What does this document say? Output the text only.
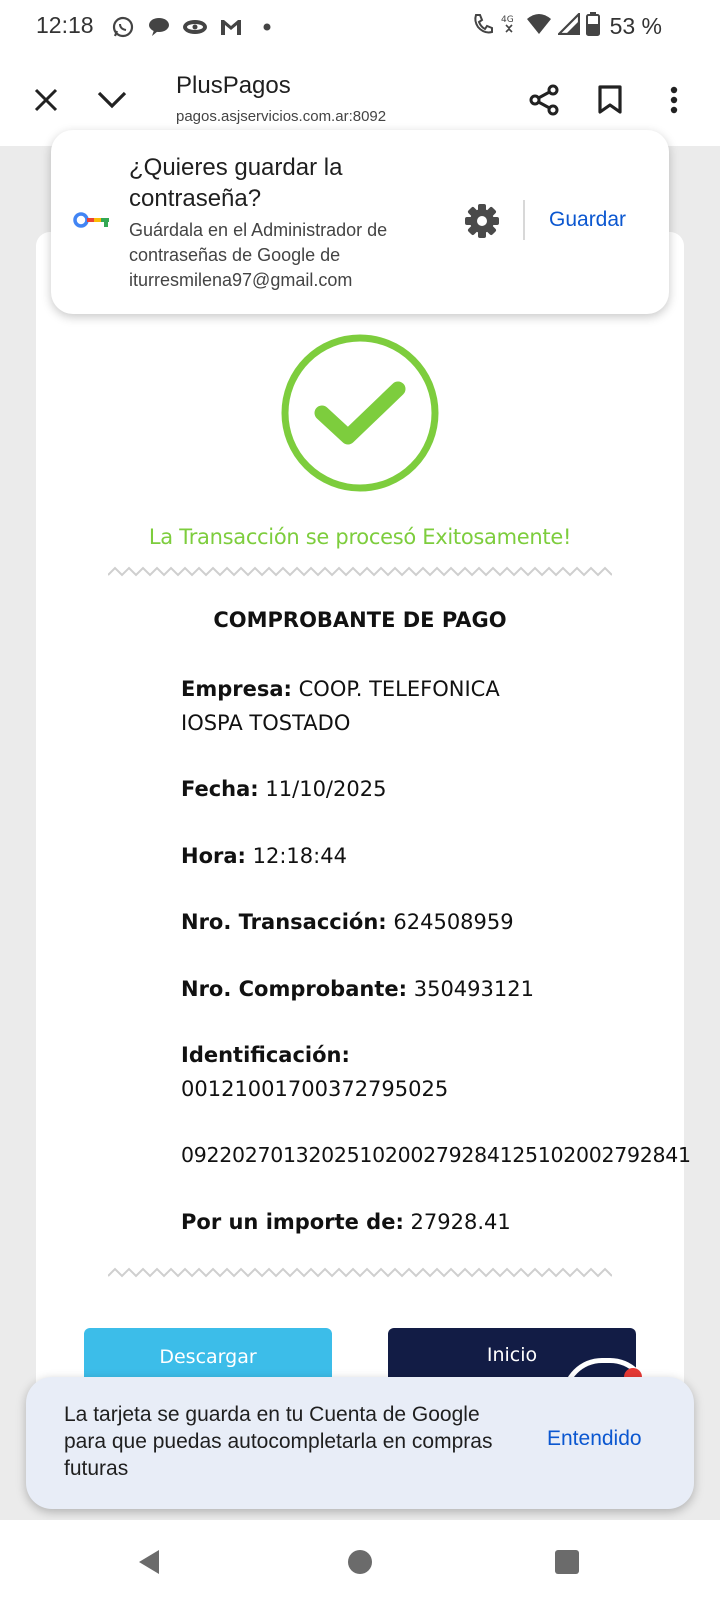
12:18	4G	53 %
PlusPagos
pagos.asjservicios.com.ar:8092
La Transacción se procesó Exitosamente!
COMPROBANTE DE PAGO
Empresa: COOP. TELEFONICA
IOSPA TOSTADO
Fecha: 11/10/2025
Hora: 12:18:44
Nro. Transacción: 624508959
Nro. Comprobante: 350493121
Identificación:
00121001700372795025
0922027013202510200279284125102002792841
Por un importe de: 27928.41
Descargar	Inicio
¿Quieres guardar la contraseña?
Guárdala en el Administrador de contraseñas de Google de iturresmilena97@gmail.com
Guardar
La tarjeta se guarda en tu Cuenta de Google para que puedas autocompletarla en compras futuras
Entendido
